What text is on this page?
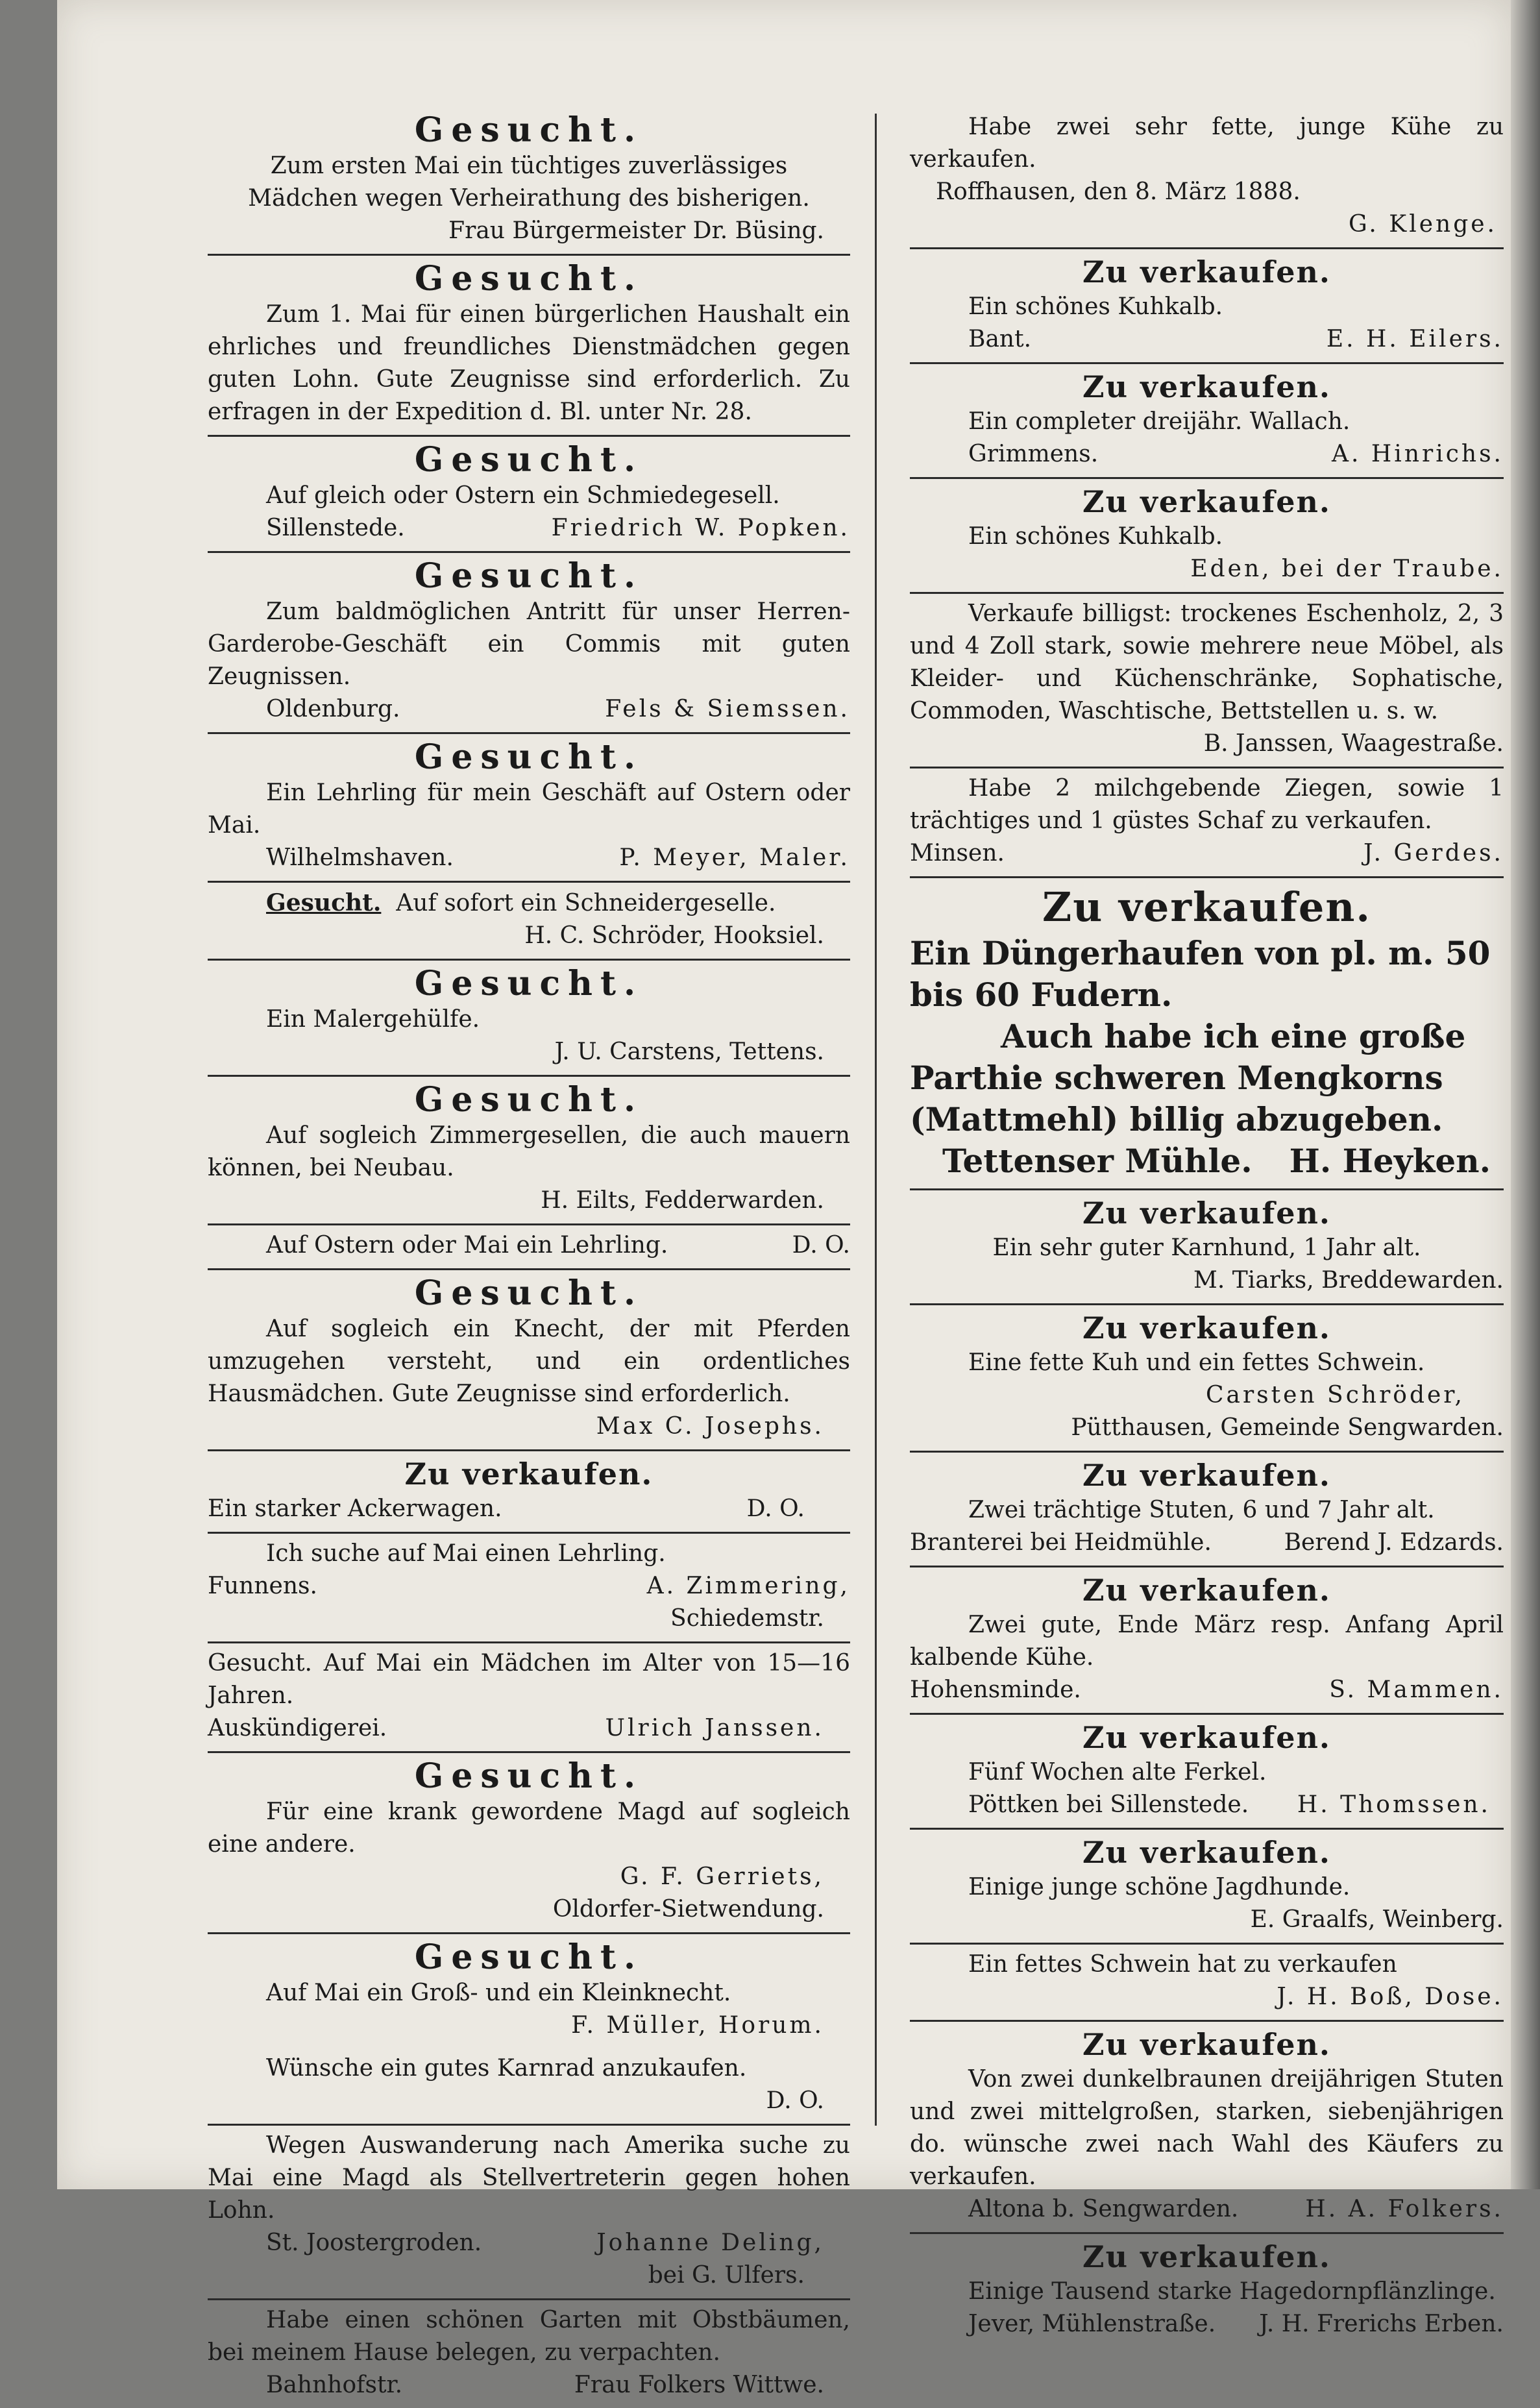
Gesucht.

Zum ersten Mai ein tüchtiges zuverlässiges

Mädchen wegen Verheirathung des bisherigen.

Frau Bürgermeister Dr. Büsing.

Gesucht.

Zum 1. Mai für einen bürgerlichen Haushalt ein ehrliches und freundliches Dienstmädchen gegen guten Lohn. Gute Zeugnisse sind erforderlich. Zu erfragen in der Expedition d. Bl. unter Nr. 28.

Gesucht.

Auf gleich oder Ostern ein Schmiedegesell.

Sillenstede.	Friedrich W. Popken.
Gesucht.

Zum baldmöglichen Antritt für unser Herren-Garderobe-Geschäft ein Commis mit guten Zeugnissen.

Oldenburg.	Fels & Siemssen.
Gesucht.

Ein Lehrling für mein Geschäft auf Ostern oder Mai.

Wilhelmshaven.	P. Meyer, Maler.

Gesucht. Auf sofort ein Schneidergeselle.

H. C. Schröder, Hooksiel.

Gesucht.

Ein Malergehülfe.

J. U. Carstens, Tettens.

Gesucht.

Auf sogleich Zimmergesellen, die auch mauern können, bei Neubau.

H. Eilts, Fedderwarden.

Auf Ostern oder Mai ein Lehrling.	D. O.
Gesucht.

Auf sogleich ein Knecht, der mit Pferden umzugehen versteht, und ein ordentliches Hausmädchen. Gute Zeugnisse sind erforderlich.

Max C. Josephs.

Zu verkaufen.
Ein starker Ackerwagen.	D. O.

Ich suche auf Mai einen Lehrling.

Funnens.	A. Zimmering,

Schiedemstr.

Gesucht. Auf Mai ein Mädchen im Alter von 15—16 Jahren.

Auskündigerei.	Ulrich Janssen.
Gesucht.

Für eine krank gewordene Magd auf sogleich eine andere.

G. F. Gerriets,

Oldorfer-Sietwendung.

Gesucht.

Auf Mai ein Groß- und ein Kleinknecht.

F. Müller, Horum.

Wünsche ein gutes Karnrad anzukaufen.

D. O.

Wegen Auswanderung nach Amerika suche zu Mai eine Magd als Stellvertreterin gegen hohen Lohn.

St. Joostergroden.	Johanne Deling,

bei G. Ulfers.

Habe einen schönen Garten mit Obstbäumen, bei meinem Hause belegen, zu verpachten.

Bahnhofstr.	Frau Folkers Wittwe.

Habe zwei sehr fette, junge Kühe zu verkaufen.

Roffhausen, den 8. März 1888.

G. Klenge.

Zu verkaufen.

Ein schönes Kuhkalb.

Bant.	E. H. Eilers.
Zu verkaufen.

Ein completer dreijähr. Wallach.

Grimmens.	A. Hinrichs.
Zu verkaufen.

Ein schönes Kuhkalb.

Eden, bei der Traube.

Verkaufe billigst: trockenes Eschenholz, 2, 3 und 4 Zoll stark, sowie mehrere neue Möbel, als Kleider- und Küchenschränke, Sophatische, Commoden, Waschtische, Bettstellen u. s. w.

B. Janssen, Waagestraße.

Habe 2 milchgebende Ziegen, sowie 1 trächtiges und 1 güstes Schaf zu verkaufen.

Minsen.	J. Gerdes.
Zu verkaufen.

Ein Düngerhaufen von pl. m. 50

bis 60 Fudern.

Auch habe ich eine große Parthie schweren Mengkorns (Mattmehl) billig abzugeben.

Tettenser Mühle. H. Heyken.
Zu verkaufen.

Ein sehr guter Karnhund, 1 Jahr alt.

M. Tiarks, Breddewarden.

Zu verkaufen.

Eine fette Kuh und ein fettes Schwein.

Carsten Schröder,

Pütthausen, Gemeinde Sengwarden.

Zu verkaufen.

Zwei trächtige Stuten, 6 und 7 Jahr alt.

Branterei bei Heidmühle.	Berend J. Edzards.
Zu verkaufen.

Zwei gute, Ende März resp. Anfang April kalbende Kühe.

Hohensminde.	S. Mammen.
Zu verkaufen.

Fünf Wochen alte Ferkel.

Pöttken bei Sillenstede. H. Thomssen.
Zu verkaufen.

Einige junge schöne Jagdhunde.

E. Graalfs, Weinberg.

Ein fettes Schwein hat zu verkaufen

J. H. Boß, Dose.

Zu verkaufen.

Von zwei dunkelbraunen dreijährigen Stuten und zwei mittelgroßen, starken, siebenjährigen do. wünsche zwei nach Wahl des Käufers zu verkaufen.

Altona b. Sengwarden.	H. A. Folkers.
Zu verkaufen.

Einige Tausend starke Hagedornpflänzlinge.

Jever, Mühlenstraße. J. H. Frerichs Erben.
